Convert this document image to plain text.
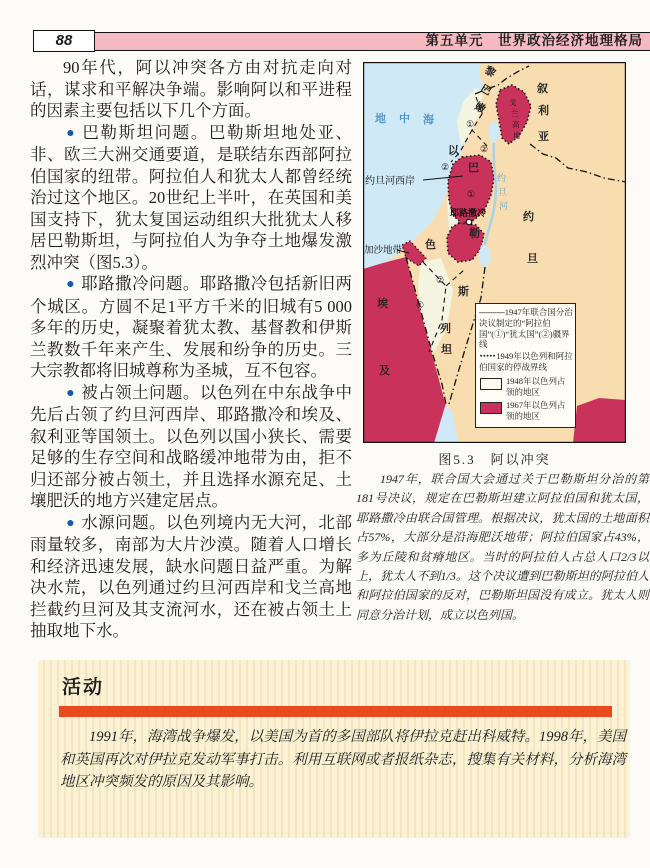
88	第五单元　世界政治经济地理格局

90年代，阿以冲突各方由对抗走向对话，谋求和平解决争端。影响阿以和平进程的因素主要包括以下几个方面。

● 巴勒斯坦问题。巴勒斯坦地处亚、非、欧三大洲交通要道，是联结东西部阿拉伯国家的纽带。阿拉伯人和犹太人都曾经统治过这个地区。20世纪上半叶，在英国和美国支持下，犹太复国运动组织大批犹太人移居巴勒斯坦，与阿拉伯人为争夺土地爆发激烈冲突（图5.3）。

● 耶路撒冷问题。耶路撒冷包括新旧两个城区。方圆不足1平方千米的旧城有5 000多年的历史，凝聚着犹太教、基督教和伊斯兰教数千年来产生、发展和纷争的历史。三大宗教都将旧城尊称为圣城，互不包容。

● 被占领土问题。以色列在中东战争中先后占领了约旦河西岸、耶路撒冷和埃及、叙利亚等国领土。以色列以国小狭长、需要足够的生存空间和战略缓冲地带为由，拒不归还部分被占领土，并且选择水源充足、土壤肥沃的地方兴建定居点。

● 水源问题。以色列境内无大河，北部雨量较多，南部为大片沙漠。随着人口增长和经济迅速发展，缺水问题日益严重。为解决水荒，以色列通过约旦河西岸和戈兰高地拦截约旦河及其支流河水，还在被占领土上抽取地下水。

地 中 海
黎
巴
嫩
叙
利
亚
戈
兰
高
地
约
旦
河
约
旦
埃
及
以
色
列
巴
勒
斯
坦
①
②
②
①
②
①
约旦河西岸
加沙地带
耶路撒冷
— — —1947年联合国分治决议制定的“阿拉伯国”(①)“犹太国”(②)疆界线
･････1949年以色列和阿拉伯国家的停战界线
1948年以色列占领的地区
1967年以色列占领的地区
图5.3　阿以冲突
1947年，联合国大会通过关于巴勒斯坦分治的第181号决议，规定在巴勒斯坦建立阿拉伯国和犹太国，耶路撒冷由联合国管理。根据决议，犹太国的土地面积占57%，大部分是沿海肥沃地带；阿拉伯国家占43%，多为丘陵和贫瘠地区。当时的阿拉伯人占总人口2/3以上，犹太人不到1/3。这个决议遭到巴勒斯坦的阿拉伯人和阿拉伯国家的反对，巴勒斯坦国没有成立。犹太人则同意分治计划，成立以色列国。
活动
1991年，海湾战争爆发，以美国为首的多国部队将伊拉克赶出科威特。1998年，美国和英国再次对伊拉克发动军事打击。利用互联网或者报纸杂志，搜集有关材料，分析海湾地区冲突频发的原因及其影响。
